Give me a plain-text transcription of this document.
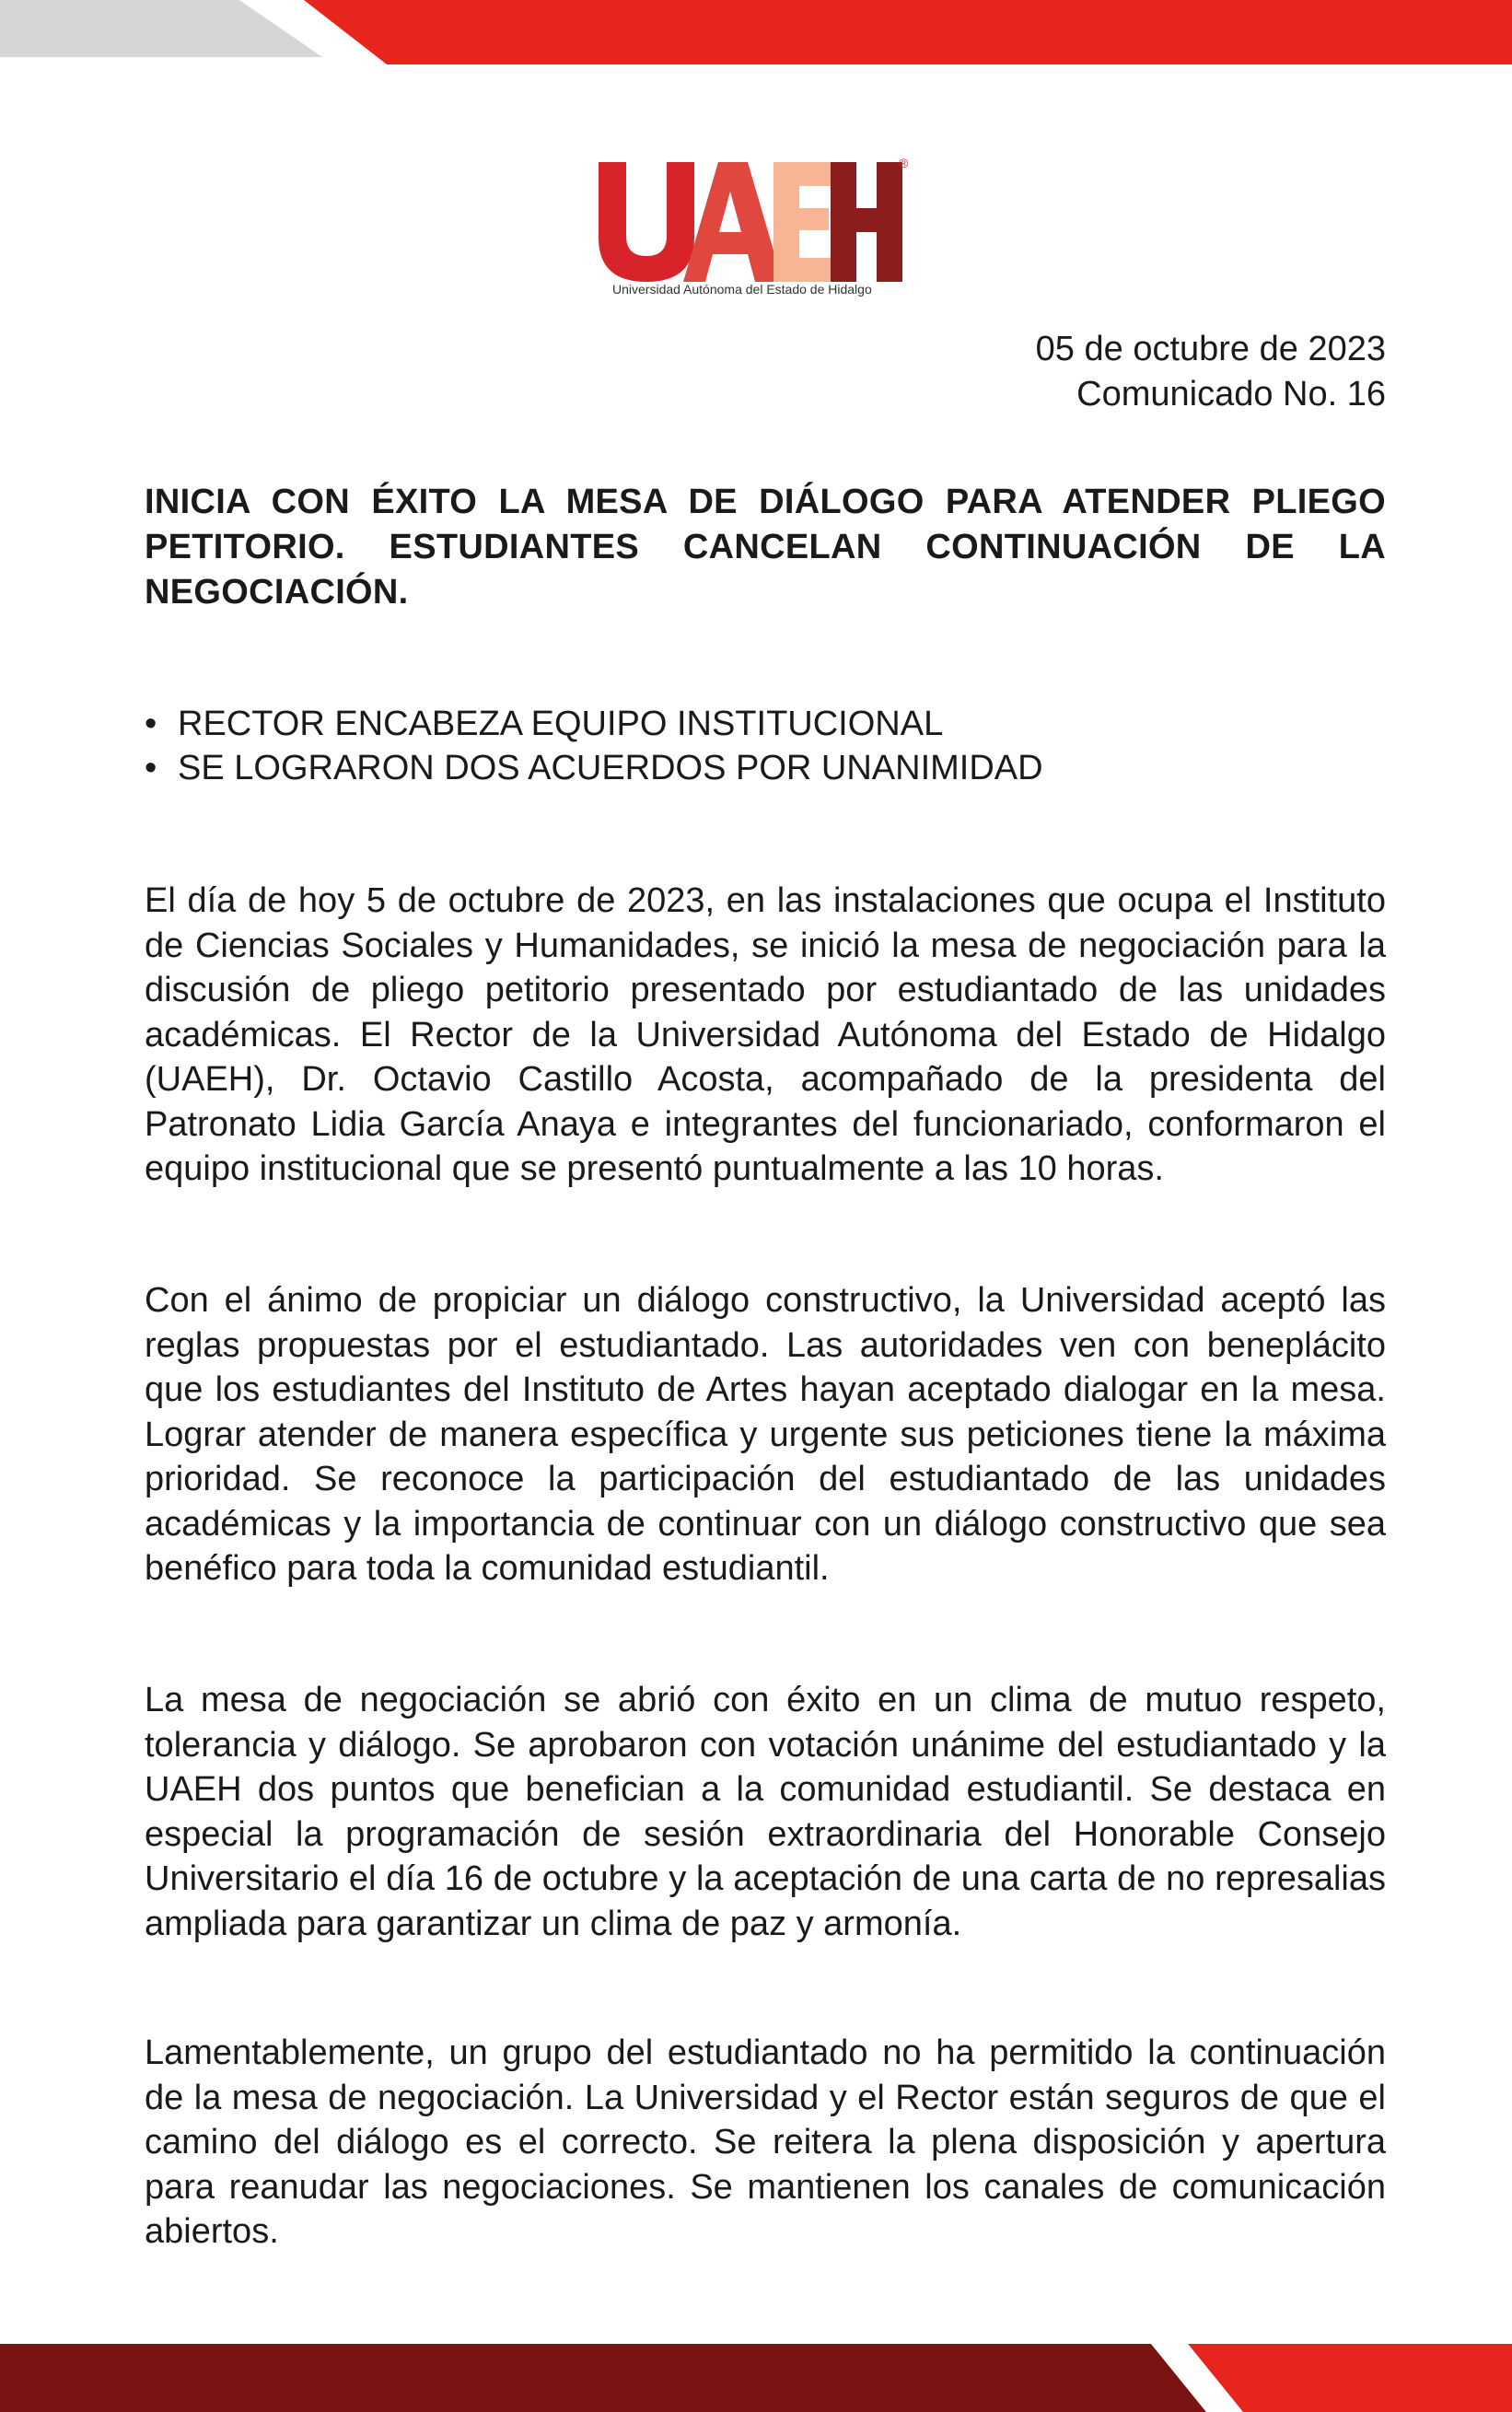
®
Universidad Autónoma del Estado de Hidalgo
05 de octubre de 2023
Comunicado No. 16
INICIA CON ÉXITO LA MESA DE DIÁLOGO PARA ATENDER PLIEGO PETITORIO. ESTUDIANTES CANCELAN CONTINUACIÓN DE LA NEGOCIACIÓN.
• RECTOR ENCABEZA EQUIPO INSTITUCIONAL
• SE LOGRARON DOS ACUERDOS POR UNANIMIDAD

El día de hoy 5 de octubre de 2023, en las instalaciones que ocupa el Instituto de Ciencias Sociales y Humanidades, se inició la mesa de negociación para la discusión de pliego petitorio presentado por estudiantado de las unidades académicas. El Rector de la Universidad Autónoma del Estado de Hidalgo (UAEH), Dr. Octavio Castillo Acosta, acompañado de la presidenta del Patronato Lidia García Anaya e integrantes del funcionariado, conformaron el equipo institucional que se presentó puntualmente a las 10 horas.

Con el ánimo de propiciar un diálogo constructivo, la Universidad aceptó las reglas propuestas por el estudiantado. Las autoridades ven con beneplácito que los estudiantes del Instituto de Artes hayan aceptado dialogar en la mesa. Lograr atender de manera específica y urgente sus peticiones tiene la máxima prioridad. Se reconoce la participación del estudiantado de las unidades académicas y la importancia de continuar con un diálogo constructivo que sea benéfico para toda la comunidad estudiantil.

La mesa de negociación se abrió con éxito en un clima de mutuo respeto, tolerancia y diálogo. Se aprobaron con votación unánime del estudiantado y la UAEH dos puntos que benefician a la comunidad estudiantil. Se destaca en especial la programación de sesión extraordinaria del Honorable Consejo Universitario el día 16 de octubre y la aceptación de una carta de no represalias ampliada para garantizar un clima de paz y armonía.

Lamentablemente, un grupo del estudiantado no ha permitido la continuación de la mesa de negociación. La Universidad y el Rector están seguros de que el camino del diálogo es el correcto. Se reitera la plena disposición y apertura para reanudar las negociaciones. Se mantienen los canales de comunicación abiertos.
